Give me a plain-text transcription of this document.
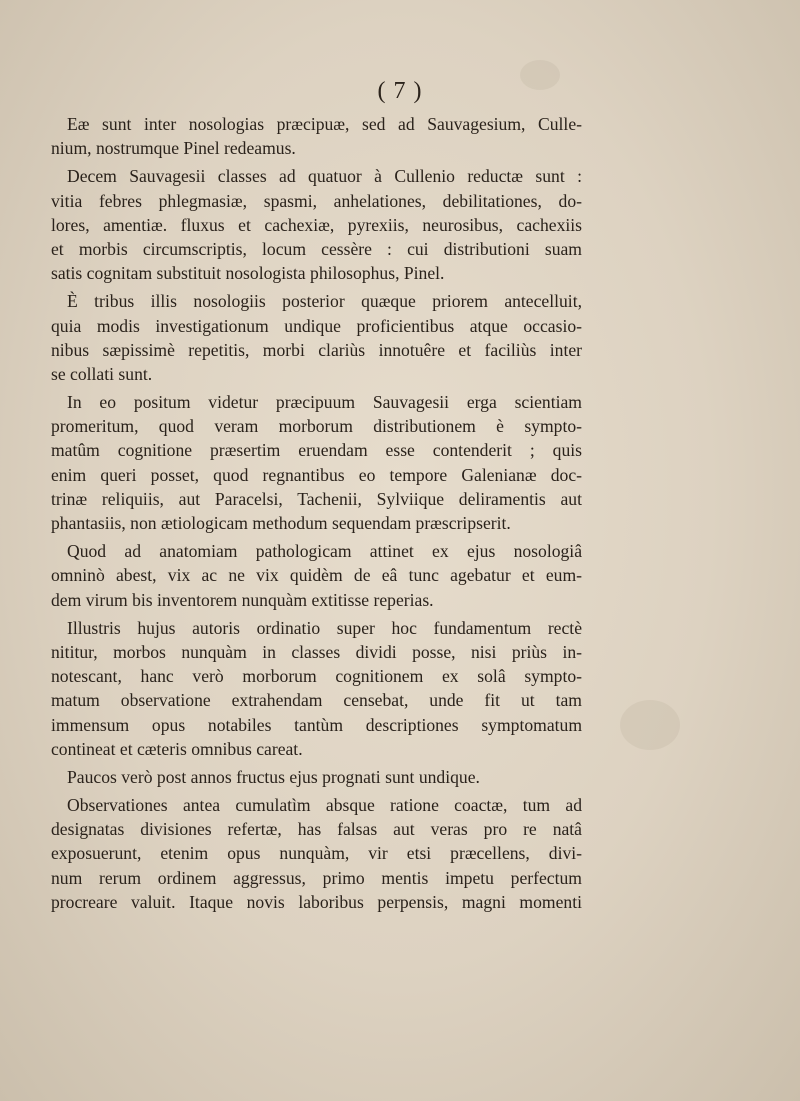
( 7 )
Eæ sunt inter nosologias præcipuæ, sed ad Sauvagesium, Culle-
nium, nostrumque Pinel redeamus.
Decem Sauvagesii classes ad quatuor à Cullenio reductæ sunt :
vitia febres phlegmasiæ, spasmi, anhelationes, debilitationes, do-
lores, amentiæ. fluxus et cachexiæ, pyrexiis, neurosibus, cachexiis
et morbis circumscriptis, locum cessère : cui distributioni suam
satis cognitam substituit nosologista philosophus, Pinel.
È tribus illis nosologiis posterior quæque priorem antecelluit,
quia modis investigationum undique proficientibus atque occasio-
nibus sæpissimè repetitis, morbi clariùs innotuêre et faciliùs inter
se collati sunt.
In eo positum videtur præcipuum Sauvagesii erga scientiam
promeritum, quod veram morborum distributionem è sympto-
matûm cognitione præsertim eruendam esse contenderit ; quis
enim queri posset, quod regnantibus eo tempore Galenianæ doc-
trinæ reliquiis, aut Paracelsi, Tachenii, Sylviique deliramentis aut
phantasiis, non ætiologicam methodum sequendam præscripserit.
Quod ad anatomiam pathologicam attinet ex ejus nosologiâ
omninò abest, vix ac ne vix quidèm de eâ tunc agebatur et eum-
dem virum bis inventorem nunquàm extitisse reperias.
Illustris hujus autoris ordinatio super hoc fundamentum rectè
nititur, morbos nunquàm in classes dividi posse, nisi priùs in-
notescant, hanc verò morborum cognitionem ex solâ sympto-
matum observatione extrahendam censebat, unde fit ut tam
immensum opus notabiles tantùm descriptiones symptomatum
contineat et cæteris omnibus careat.
Paucos verò post annos fructus ejus prognati sunt undique.
Observationes antea cumulatìm absque ratione coactæ, tum ad
designatas divisiones refertæ, has falsas aut veras pro re natâ
exposuerunt, etenim opus nunquàm, vir etsi præcellens, divi-
num rerum ordinem aggressus, primo mentis impetu perfectum
procreare valuit. Itaque novis laboribus perpensis, magni momenti
